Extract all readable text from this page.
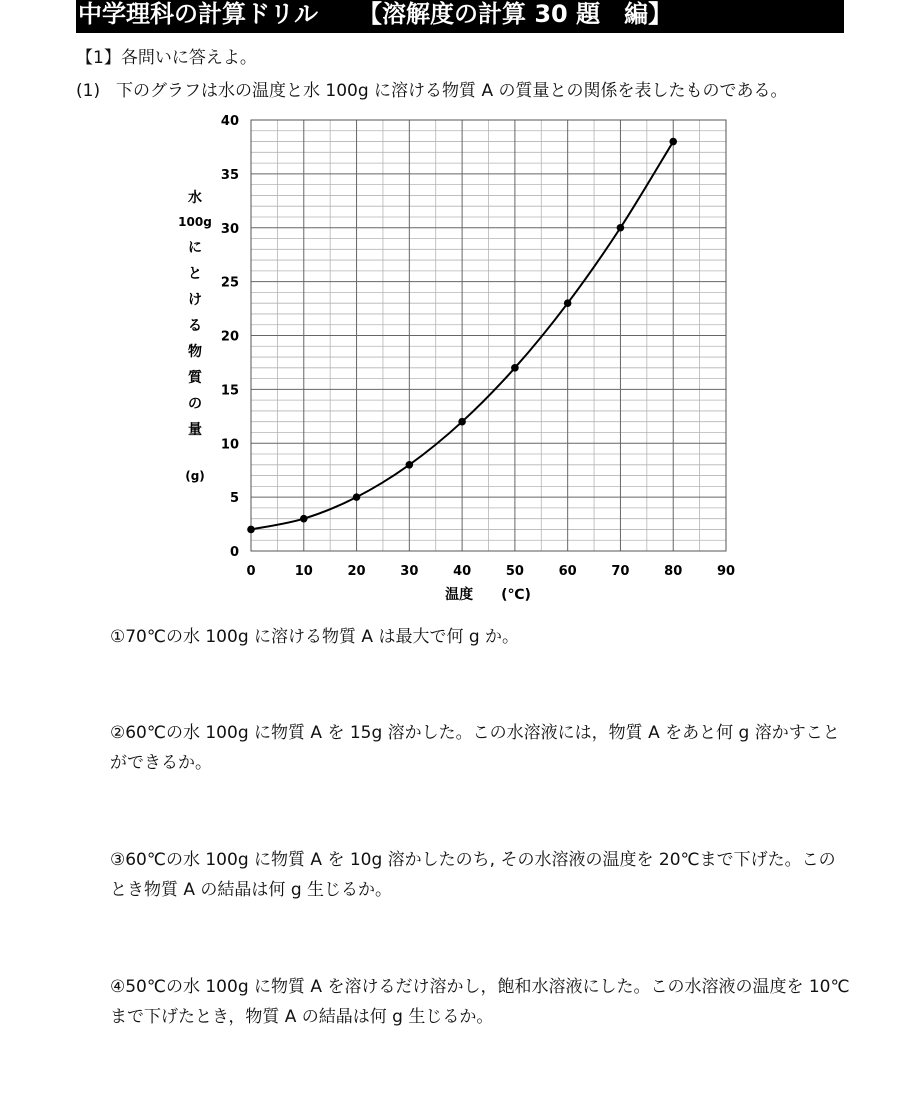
中学理科の計算ドリル 【溶解度の計算 30 題　編】
【1】各問いに答えよ。
(1) 下のグラフは水の温度と水 100g に溶ける物質 A の質量との関係を表したものである。
0
5
10
15
20
25
30
35
40
0	10	20	30	40	50	60	70	80	90
水
100g
に
と
け
る
物
質
の
量
(g)
温度　　(℃)
①70℃の水 100g に溶ける物質 A は最大で何 g か。
②60℃の水 100g に物質 A を 15g 溶かした。この水溶液には，物質 A をあと何 g 溶かすことができるか。
③60℃の水 100g に物質 A を 10g 溶かしたのち, その水溶液の温度を 20℃まで下げた。このとき物質 A の結晶は何 g 生じるか。
④50℃の水 100g に物質 A を溶けるだけ溶かし，飽和水溶液にした。この水溶液の温度を 10℃まで下げたとき，物質 A の結晶は何 g 生じるか。
